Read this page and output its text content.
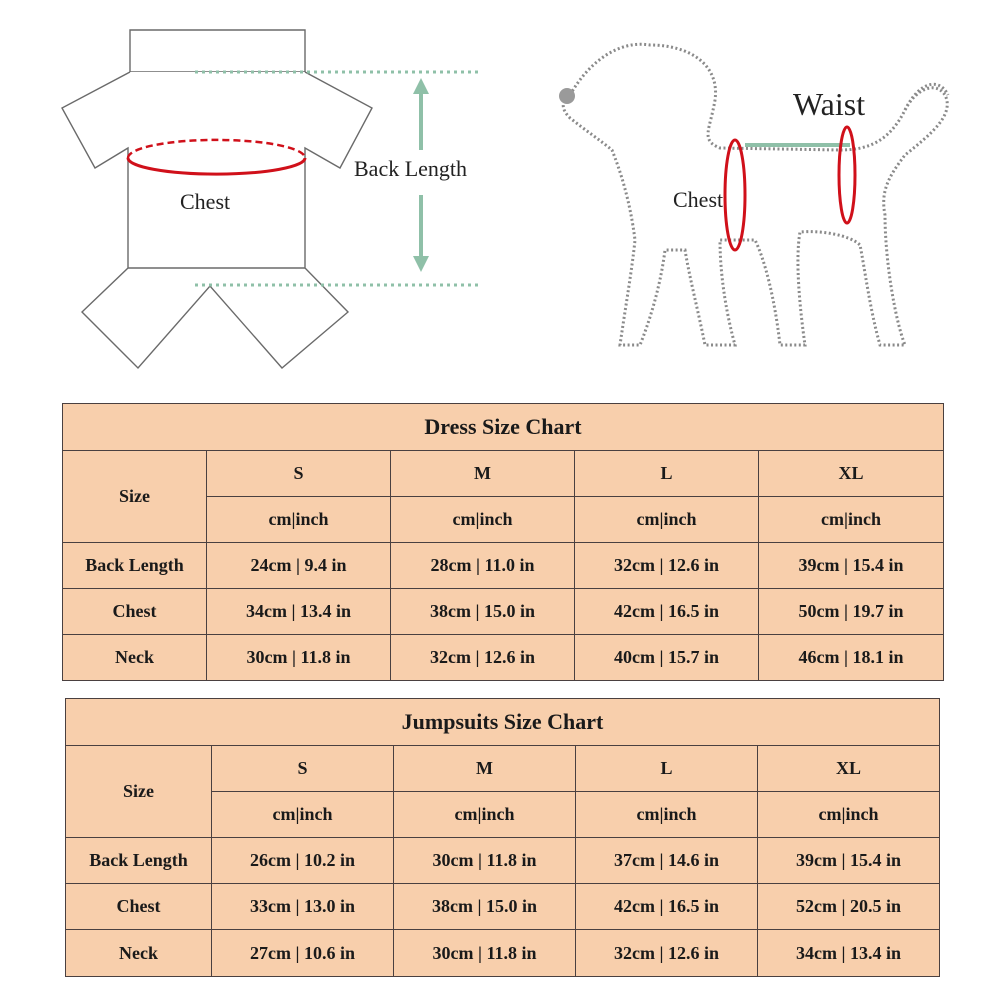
Chest
Back Length
Waist
Chest
Dress Size Chart				
Size	S	M	L	XL
	cm|inch	cm|inch	cm|inch	cm|inch
Back Length	24cm | 9.4 in	28cm | 11.0 in	32cm | 12.6 in	39cm | 15.4 in
Chest	34cm | 13.4 in	38cm | 15.0 in	42cm | 16.5 in	50cm | 19.7 in
Neck	30cm | 11.8 in	32cm | 12.6 in	40cm | 15.7 in	46cm | 18.1 in
Jumpsuits Size Chart				
Size	S	M	L	XL
	cm|inch	cm|inch	cm|inch	cm|inch
Back Length	26cm | 10.2 in	30cm | 11.8 in	37cm | 14.6 in	39cm | 15.4 in
Chest	33cm | 13.0 in	38cm | 15.0 in	42cm | 16.5 in	52cm | 20.5 in
Neck	27cm | 10.6 in	30cm | 11.8 in	32cm | 12.6 in	34cm | 13.4 in
